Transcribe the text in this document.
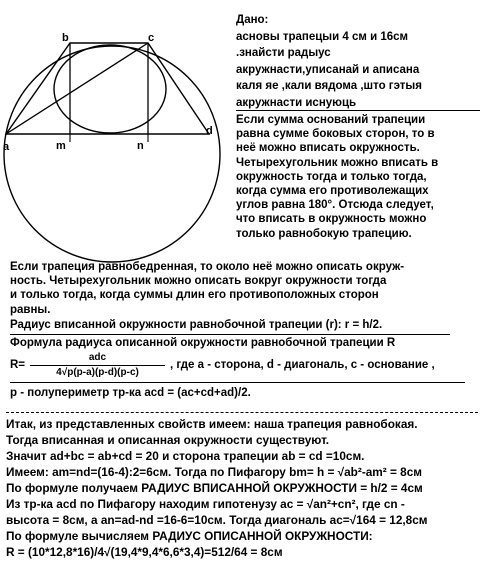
b	c
a
d
m	n
Дано:
асновы трапецыи 4 см и 16см
.знайсти радыус
акружнасти,уписанай и аписана
каля яе ,кали вядома ,што гэтыя
акружнасти иснуюць
Если сумма оснований трапеции
равна сумме боковых сторон, то в
неё можно вписать окружность.
Четырехугольник можно вписать в
окружность тогда и только тогда,
когда сумма его противолежащих
углов равна 180°. Отсюда следует,
что вписать в окружность можно
только равнобокую трапецию.
Если трапеция равнобедренная, то около неё можно описать окруж-
ность. Четырехугольник можно описать вокруг окружности тогда
и только тогда, когда суммы длин его противоположных сторон
равны.
Радиус вписанной окружности равнобочной трапеции (r): r = h/2.
Формула радиуса описанной окружности равнобочной трапеции R
R=
adc
4√p(p-a)(p-d)(p-c)
, где a - сторона, d - диагональ, с - основание ,
p - полупериметр тр-ка acd = (ac+cd+ad)/2.
Итак, из представленных свойств имеем: наша трапеция равнобокая.
Тогда вписанная и описанная окружности существуют.
Значит ad+bc = ab+cd = 20 и сторона трапеции ab = cd =10см.
Имеем: am=nd=(16-4):2=6см. Тогда по Пифагору bm= h = √ab²-am² = 8см
По формуле получаем РАДИУС ВПИСАННОЙ ОКРУЖНОСТИ = h/2 = 4см
Из тр-ка acd по Пифагору находим гипотенузу ac = √an²+cn², где cn -
высота = 8см, а an=ad-nd =16-6=10см. Тогда диагональ ac=√164 = 12,8см
По формуле вычисляем РАДИУС ОПИСАННОЙ ОКРУЖНОСТИ:
R = (10*12,8*16)/4√(19,4*9,4*6,6*3,4)=512/64 = 8см
